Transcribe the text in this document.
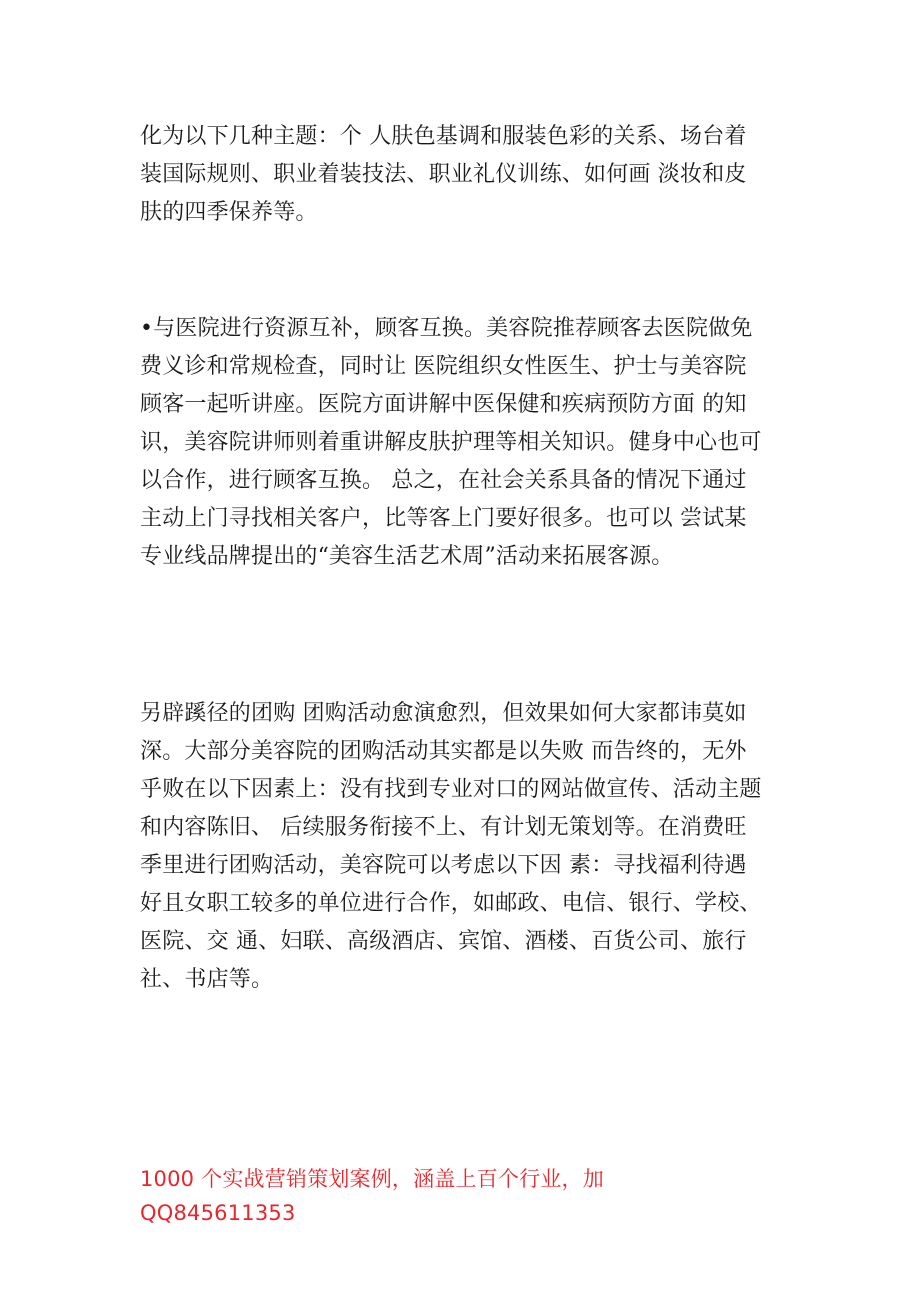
化为以下几种主题：个 人肤色基调和服装色彩的关系、场台着
装国际规则、职业着装技法、职业礼仪训练、如何画 淡妆和皮
肤的四季保养等。
•与医院进行资源互补，顾客互换。美容院推荐顾客去医院做免
费义诊和常规检查，同时让 医院组织女性医生、护士与美容院
顾客一起听讲座。医院方面讲解中医保健和疾病预防方面 的知
识，美容院讲师则着重讲解皮肤护理等相关知识。健身中心也可
以合作，进行顾客互换。 总之，在社会关系具备的情况下通过
主动上门寻找相关客户，比等客上门要好很多。也可以 尝试某
专业线品牌提出的“美容生活艺术周”活动来拓展客源。
另辟蹊径的团购 团购活动愈演愈烈，但效果如何大家都讳莫如
深。大部分美容院的团购活动其实都是以失败 而告终的，无外
乎败在以下因素上：没有找到专业对口的网站做宣传、活动主题
和内容陈旧、 后续服务衔接不上、有计划无策划等。在消费旺
季里进行团购活动，美容院可以考虑以下因 素：寻找福利待遇
好且女职工较多的单位进行合作，如邮政、电信、银行、学校、
医院、交 通、妇联、高级酒店、宾馆、酒楼、百货公司、旅行
社、书店等。
1000 个实战营销策划案例，涵盖上百个行业，加
QQ845611353
